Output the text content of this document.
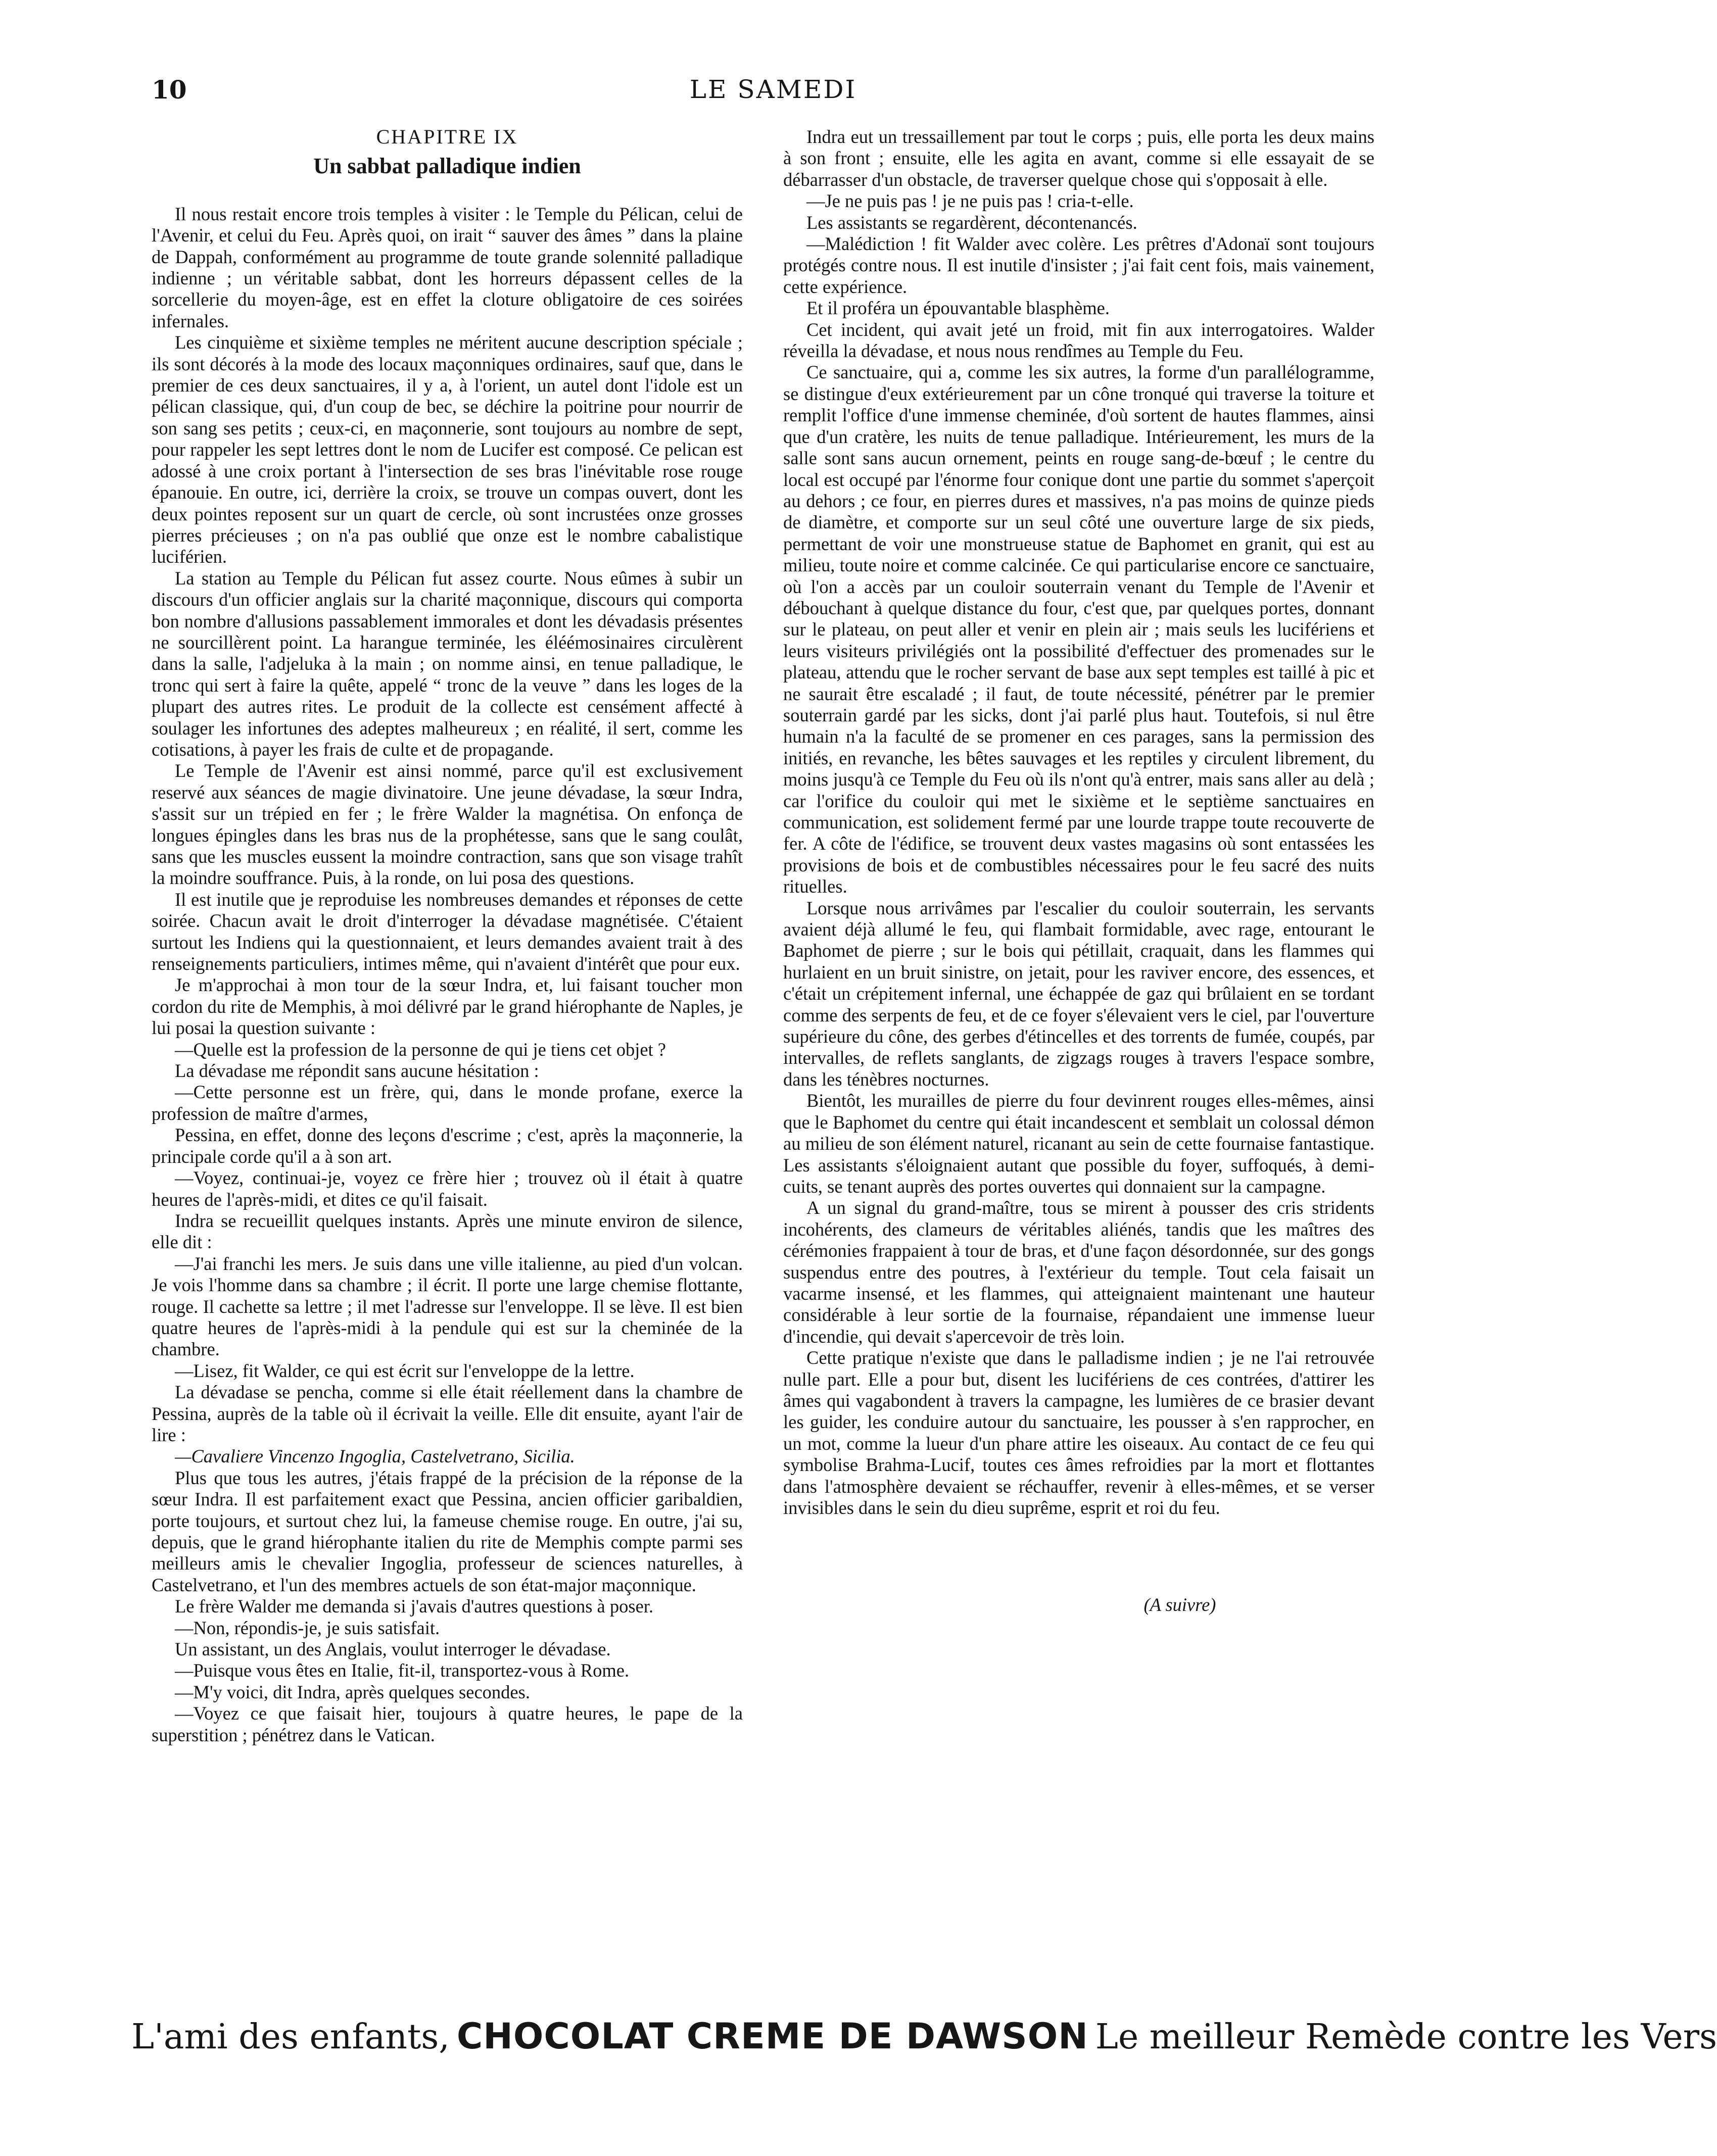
LE SAMEDI
10
CHAPITRE IX
Un sabbat palladique indien

Il nous restait encore trois temples à visiter : le Temple du Pélican, celui de l'Avenir, et celui du Feu. Après quoi, on irait “ sauver des âmes ” dans la plaine de Dappah, conformément au programme de toute grande solennité palladique indienne ; un véritable sabbat, dont les horreurs dépassent celles de la sorcellerie du moyen-âge, est en effet la cloture obligatoire de ces soirées infernales.

Les cinquième et sixième temples ne méritent aucune description spéciale ; ils sont décorés à la mode des locaux maçonniques ordinaires, sauf que, dans le premier de ces deux sanctuaires, il y a, à l'orient, un autel dont l'idole est un pélican classique, qui, d'un coup de bec, se déchire la poitrine pour nourrir de son sang ses petits ; ceux-ci, en maçonnerie, sont toujours au nombre de sept, pour rappeler les sept lettres dont le nom de Lucifer est composé. Ce pelican est adossé à une croix portant à l'intersection de ses bras l'inévitable rose rouge épanouie. En outre, ici, derrière la croix, se trouve un compas ouvert, dont les deux pointes reposent sur un quart de cercle, où sont incrustées onze grosses pierres précieuses ; on n'a pas oublié que onze est le nombre cabalistique luciférien.

La station au Temple du Pélican fut assez courte. Nous eûmes à subir un discours d'un officier anglais sur la charité maçonnique, discours qui comporta bon nombre d'allusions passablement immorales et dont les dévadasis présentes ne sourcillèrent point. La harangue terminée, les éléémosinaires circulèrent dans la salle, l'adjeluka à la main ; on nomme ainsi, en tenue palladique, le tronc qui sert à faire la quête, appelé “ tronc de la veuve ” dans les loges de la plupart des autres rites. Le produit de la collecte est censément affecté à soulager les infortunes des adeptes malheureux ; en réalité, il sert, comme les cotisations, à payer les frais de culte et de propagande.

Le Temple de l'Avenir est ainsi nommé, parce qu'il est exclusivement reservé aux séances de magie divinatoire. Une jeune dévadase, la sœur Indra, s'assit sur un trépied en fer ; le frère Walder la magnétisa. On enfonça de longues épingles dans les bras nus de la prophétesse, sans que le sang coulât, sans que les muscles eussent la moindre contraction, sans que son visage trahît la moindre souffrance. Puis, à la ronde, on lui posa des questions.

Il est inutile que je reproduise les nombreuses demandes et réponses de cette soirée. Chacun avait le droit d'interroger la dévadase magnétisée. C'étaient surtout les Indiens qui la questionnaient, et leurs demandes avaient trait à des renseignements particuliers, intimes même, qui n'avaient d'intérêt que pour eux.

Je m'approchai à mon tour de la sœur Indra, et, lui faisant toucher mon cordon du rite de Memphis, à moi délivré par le grand hiérophante de Naples, je lui posai la question suivante :

—Quelle est la profession de la personne de qui je tiens cet objet ?

La dévadase me répondit sans aucune hésitation :

—Cette personne est un frère, qui, dans le monde profane, exerce la profession de maître d'armes,

Pessina, en effet, donne des leçons d'escrime ; c'est, après la maçonnerie, la principale corde qu'il a à son art.

—Voyez, continuai-je, voyez ce frère hier ; trouvez où il était à quatre heures de l'après-midi, et dites ce qu'il faisait.

Indra se recueillit quelques instants. Après une minute environ de silence, elle dit :

—J'ai franchi les mers. Je suis dans une ville italienne, au pied d'un volcan. Je vois l'homme dans sa chambre ; il écrit. Il porte une large chemise flottante, rouge. Il cachette sa lettre ; il met l'adresse sur l'enveloppe. Il se lève. Il est bien quatre heures de l'après-midi à la pendule qui est sur la cheminée de la chambre.

—Lisez, fit Walder, ce qui est écrit sur l'enveloppe de la lettre.

La dévadase se pencha, comme si elle était réellement dans la chambre de Pessina, auprès de la table où il écrivait la veille. Elle dit ensuite, ayant l'air de lire :

—Cavaliere Vincenzo Ingoglia, Castelvetrano, Sicilia.

Plus que tous les autres, j'étais frappé de la précision de la réponse de la sœur Indra. Il est parfaitement exact que Pessina, ancien officier garibaldien, porte toujours, et surtout chez lui, la fameuse chemise rouge. En outre, j'ai su, depuis, que le grand hiérophante italien du rite de Memphis compte parmi ses meilleurs amis le chevalier Ingoglia, professeur de sciences naturelles, à Castelvetrano, et l'un des membres actuels de son état-major maçonnique.

Le frère Walder me demanda si j'avais d'autres questions à poser.

—Non, répondis-je, je suis satisfait.

Un assistant, un des Anglais, voulut interroger le dévadase.

—Puisque vous êtes en Italie, fit-il, transportez-vous à Rome.

—M'y voici, dit Indra, après quelques secondes.

—Voyez ce que faisait hier, toujours à quatre heures, le pape de la superstition ; pénétrez dans le Vatican.

Indra eut un tressaillement par tout le corps ; puis, elle porta les deux mains à son front ; ensuite, elle les agita en avant, comme si elle essayait de se débarrasser d'un obstacle, de traverser quelque chose qui s'opposait à elle.

—Je ne puis pas ! je ne puis pas ! cria-t-elle.

Les assistants se regardèrent, décontenancés.

—Malédiction ! fit Walder avec colère. Les prêtres d'Adonaï sont toujours protégés contre nous. Il est inutile d'insister ; j'ai fait cent fois, mais vainement, cette expérience.

Et il proféra un épouvantable blasphème.

Cet incident, qui avait jeté un froid, mit fin aux interrogatoires. Walder réveilla la dévadase, et nous nous rendîmes au Temple du Feu.

Ce sanctuaire, qui a, comme les six autres, la forme d'un parallélogramme, se distingue d'eux extérieurement par un cône tronqué qui traverse la toiture et remplit l'office d'une immense cheminée, d'où sortent de hautes flammes, ainsi que d'un cratère, les nuits de tenue palladique. Intérieurement, les murs de la salle sont sans aucun ornement, peints en rouge sang-de-bœuf ; le centre du local est occupé par l'énorme four conique dont une partie du sommet s'aperçoit au dehors ; ce four, en pierres dures et massives, n'a pas moins de quinze pieds de diamètre, et comporte sur un seul côté une ouverture large de six pieds, permettant de voir une monstrueuse statue de Baphomet en granit, qui est au milieu, toute noire et comme calcinée. Ce qui particularise encore ce sanctuaire, où l'on a accès par un couloir souterrain venant du Temple de l'Avenir et débouchant à quelque distance du four, c'est que, par quelques portes, donnant sur le plateau, on peut aller et venir en plein air ; mais seuls les lucifériens et leurs visiteurs privilégiés ont la possibilité d'effectuer des promenades sur le plateau, attendu que le rocher servant de base aux sept temples est taillé à pic et ne saurait être escaladé ; il faut, de toute nécessité, pénétrer par le premier souterrain gardé par les sicks, dont j'ai parlé plus haut. Toutefois, si nul être humain n'a la faculté de se promener en ces parages, sans la permission des initiés, en revanche, les bêtes sauvages et les reptiles y circulent librement, du moins jusqu'à ce Temple du Feu où ils n'ont qu'à entrer, mais sans aller au delà ; car l'orifice du couloir qui met le sixième et le septième sanctuaires en communication, est solidement fermé par une lourde trappe toute recouverte de fer. A côte de l'édifice, se trouvent deux vastes magasins où sont entassées les provisions de bois et de combustibles nécessaires pour le feu sacré des nuits rituelles.

Lorsque nous arrivâmes par l'escalier du couloir souterrain, les servants avaient déjà allumé le feu, qui flambait formidable, avec rage, entourant le Baphomet de pierre ; sur le bois qui pétillait, craquait, dans les flammes qui hurlaient en un bruit sinistre, on jetait, pour les raviver encore, des essences, et c'était un crépitement infernal, une échappée de gaz qui brûlaient en se tordant comme des serpents de feu, et de ce foyer s'élevaient vers le ciel, par l'ouverture supérieure du cône, des gerbes d'étincelles et des torrents de fumée, coupés, par intervalles, de reflets sanglants, de zigzags rouges à travers l'espace sombre, dans les ténèbres nocturnes.

Bientôt, les murailles de pierre du four devinrent rouges elles-mêmes, ainsi que le Baphomet du centre qui était incandescent et semblait un colossal démon au milieu de son élément naturel, ricanant au sein de cette fournaise fantastique. Les assistants s'éloignaient autant que possible du foyer, suffoqués, à demi-cuits, se tenant auprès des portes ouvertes qui donnaient sur la campagne.

A un signal du grand-maître, tous se mirent à pousser des cris stridents incohérents, des clameurs de véritables aliénés, tandis que les maîtres des cérémonies frappaient à tour de bras, et d'une façon désordonnée, sur des gongs suspendus entre des poutres, à l'extérieur du temple. Tout cela faisait un vacarme insensé, et les flammes, qui atteignaient maintenant une hauteur considérable à leur sortie de la fournaise, répandaient une immense lueur d'incendie, qui devait s'apercevoir de très loin.

Cette pratique n'existe que dans le palladisme indien ; je ne l'ai retrouvée nulle part. Elle a pour but, disent les lucifériens de ces contrées, d'attirer les âmes qui vagabondent à travers la campagne, les lumières de ce brasier devant les guider, les conduire autour du sanctuaire, les pousser à s'en rapprocher, en un mot, comme la lueur d'un phare attire les oiseaux. Au contact de ce feu qui symbolise Brahma-Lucif, toutes ces âmes refroidies par la mort et flottantes dans l'atmosphère devaient se réchauffer, revenir à elles-mêmes, et se verser invisibles dans le sein du dieu suprême, esprit et roi du feu.

(A suivre)
L'ami des enfants, CHOCOLAT CREME DE DAWSON Le meilleur Remède contre les Vers
